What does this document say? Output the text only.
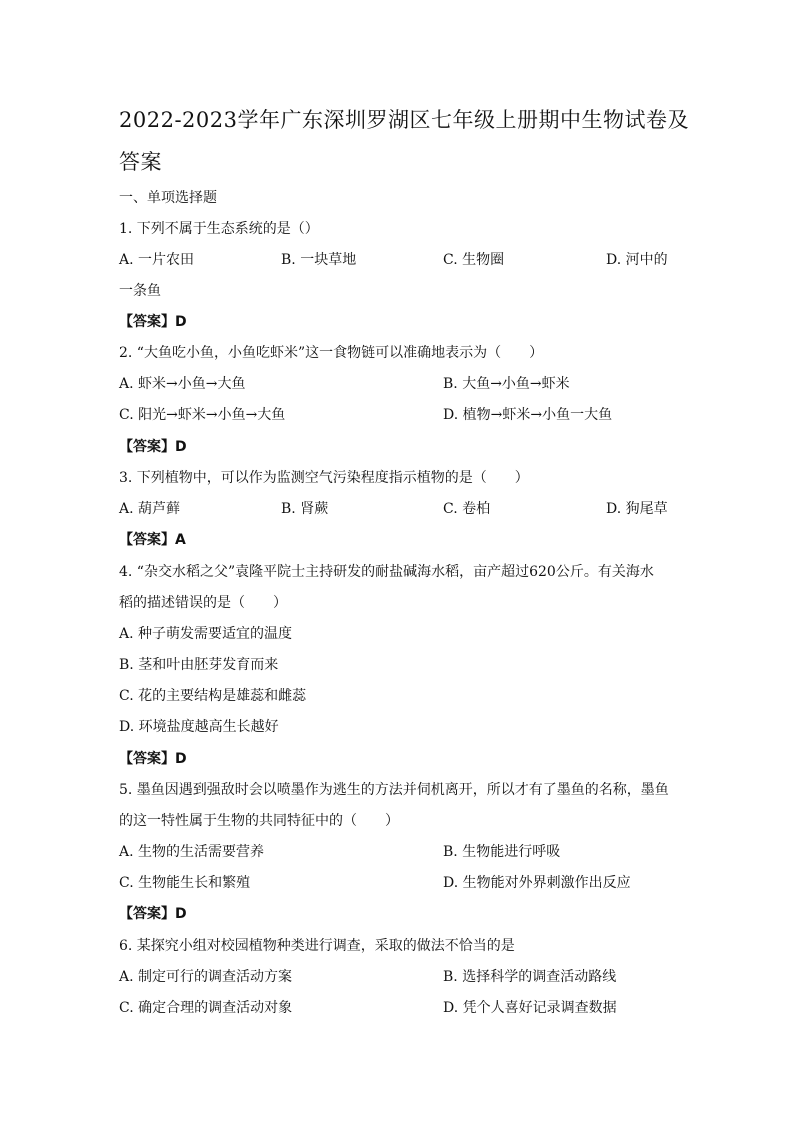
2022-2023学年广东深圳罗湖区七年级上册期中生物试卷及
答案
一、单项选择题
1. 下列不属于生态系统的是（）
A. 一片农田	B. 一块草地	C. 生物圈	D. 河中的
一条鱼
【答案】D
2. “大鱼吃小鱼，小鱼吃虾米”这一食物链可以准确地表示为（　　）
A. 虾米→小鱼→大鱼	B. 大鱼→小鱼→虾米
C. 阳光→虾米→小鱼→大鱼	D. 植物→虾米→小鱼一大鱼
【答案】D
3. 下列植物中，可以作为监测空气污染程度指示植物的是（　　）
A. 葫芦藓	B. 肾蕨	C. 卷柏	D. 狗尾草
【答案】A
4. “杂交水稻之父”袁隆平院士主持研发的耐盐碱海水稻，亩产超过620公斤。有关海水
稻的描述错误的是（　　）
A. 种子萌发需要适宜的温度
B. 茎和叶由胚芽发育而来
C. 花的主要结构是雄蕊和雌蕊
D. 环境盐度越高生长越好
【答案】D
5. 墨鱼因遇到强敌时会以喷墨作为逃生的方法并伺机离开，所以才有了墨鱼的名称，墨鱼
的这一特性属于生物的共同特征中的（　　）
A. 生物的生活需要营养	B. 生物能进行呼吸
C. 生物能生长和繁殖	D. 生物能对外界刺激作出反应
【答案】D
6. 某探究小组对校园植物种类进行调查，采取的做法不恰当的是
A. 制定可行的调查活动方案	B. 选择科学的调查活动路线
C. 确定合理的调查活动对象	D. 凭个人喜好记录调查数据
